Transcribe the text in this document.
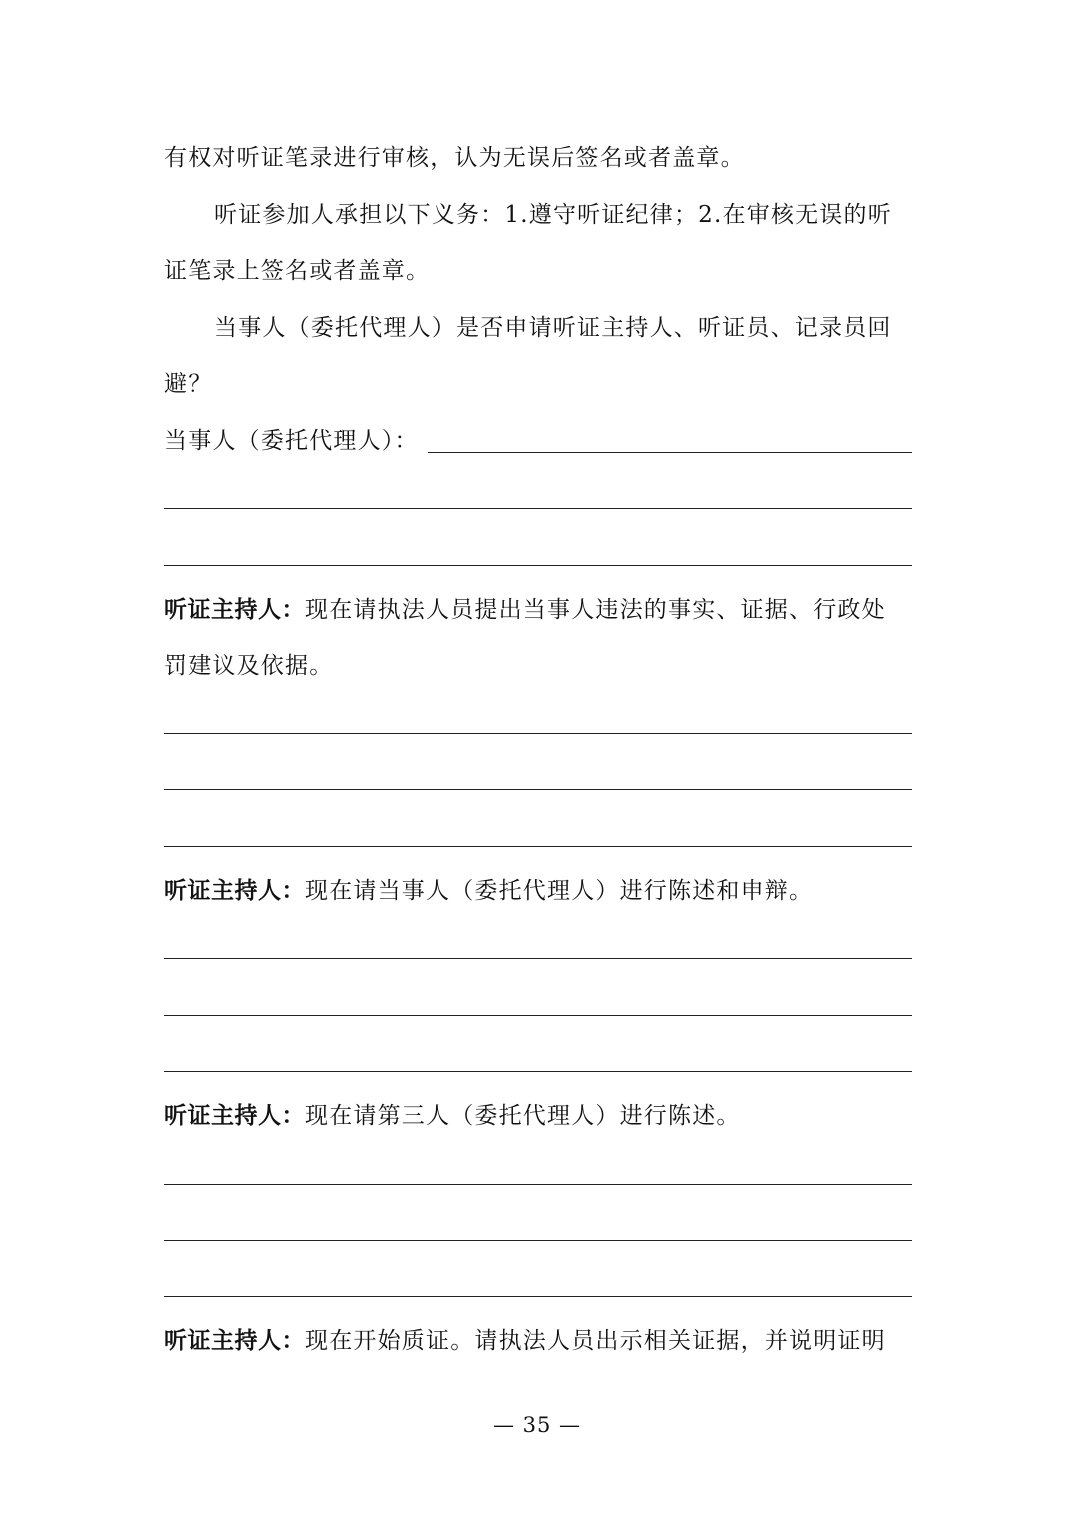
有权对听证笔录进行审核，认为无误后签名或者盖章。
听证参加人承担以下义务：1.遵守听证纪律；2.在审核无误的听
证笔录上签名或者盖章。
当事人（委托代理人）是否申请听证主持人、听证员、记录员回
避？
当事人（委托代理人）：
听证主持人：现在请执法人员提出当事人违法的事实、证据、行政处
罚建议及依据。
听证主持人：现在请当事人（委托代理人）进行陈述和申辩。
听证主持人：现在请第三人（委托代理人）进行陈述。
听证主持人：现在开始质证。请执法人员出示相关证据，并说明证明
— 35 —
